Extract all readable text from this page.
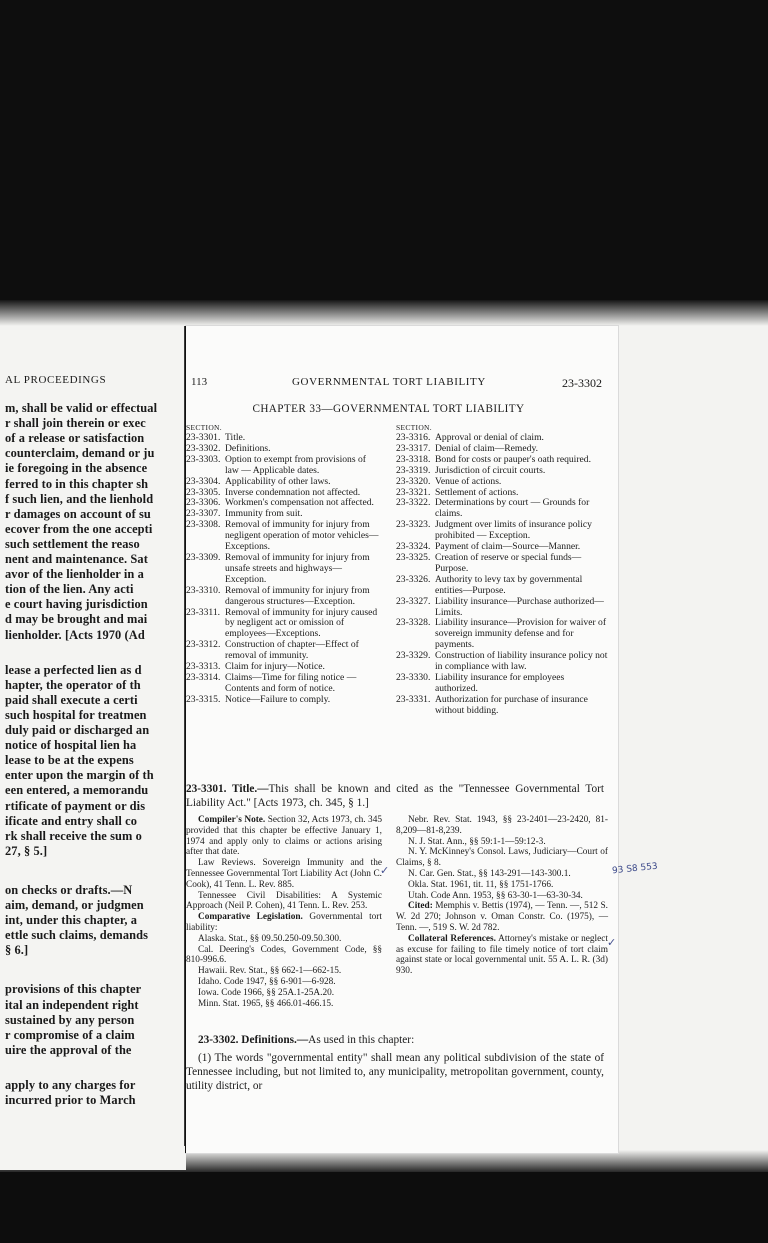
AL PROCEEDINGS
m, shall be valid or effectual
r shall join therein or exec
of a release or satisfaction
counterclaim, demand or ju
ie foregoing in the absence
ferred to in this chapter sh
f such lien, and the lienhold
r damages on account of su
ecover from the one accepti
such settlement the reaso
nent and maintenance. Sat
avor of the lienholder in a
tion of the lien. Any acti
e court having jurisdiction
d may be brought and mai
lienholder. [Acts 1970 (Ad
lease a perfected lien as d
hapter, the operator of th
paid shall execute a certi
such hospital for treatmen
duly paid or discharged an
notice of hospital lien ha
lease to be at the expens
enter upon the margin of th
een entered, a memorandu
rtificate of payment or dis
ificate and entry shall co
rk shall receive the sum o
27, § 5.]
on checks or drafts.—N
aim, demand, or judgmen
int, under this chapter, a
ettle such claims, demands
§ 6.]
provisions of this chapter
ital an independent right
sustained by any person
r compromise of a claim
uire the approval of the
apply to any charges for
incurred prior to March
113	GOVERNMENTAL TORT LIABILITY	23-3302
CHAPTER 33—GOVERNMENTAL TORT LIABILITY
SECTION.
23-3301. Title.
23-3302. Definitions.
23-3303. Option to exempt from provisions of law — Applicable dates.
23-3304. Applicability of other laws.
23-3305. Inverse condemnation not affected.
23-3306. Workmen's compensation not affected.
23-3307. Immunity from suit.
23-3308. Removal of immunity for injury from negligent operation of motor vehicles—Exceptions.
23-3309. Removal of immunity for injury from unsafe streets and highways—Exception.
23-3310. Removal of immunity for injury from dangerous structures—Exception.
23-3311. Removal of immunity for injury caused by negligent act or omission of employees—Exceptions.
23-3312. Construction of chapter—Effect of removal of immunity.
23-3313. Claim for injury—Notice.
23-3314. Claims—Time for filing notice —Contents and form of notice.
23-3315. Notice—Failure to comply.
SECTION.
23-3316. Approval or denial of claim.
23-3317. Denial of claim—Remedy.
23-3318. Bond for costs or pauper's oath required.
23-3319. Jurisdiction of circuit courts.
23-3320. Venue of actions.
23-3321. Settlement of actions.
23-3322. Determinations by court — Grounds for claims.
23-3323. Judgment over limits of insurance policy prohibited — Exception.
23-3324. Payment of claim—Source—Manner.
23-3325. Creation of reserve or special funds—Purpose.
23-3326. Authority to levy tax by governmental entities—Purpose.
23-3327. Liability insurance—Purchase authorized—Limits.
23-3328. Liability insurance—Provision for waiver of sovereign immunity defense and for payments.
23-3329. Construction of liability insurance policy not in compliance with law.
23-3330. Liability insurance for employees authorized.
23-3331. Authorization for purchase of insurance without bidding.
23-3301. Title.—This shall be known and cited as the "Tennessee Governmental Tort Liability Act." [Acts 1973, ch. 345, § 1.]

Compiler's Note. Section 32, Acts 1973, ch. 345 provided that this chapter be effective January 1, 1974 and apply only to claims or actions arising after that date.

Law Reviews. Sovereign Immunity and the Tennessee Governmental Tort Liability Act (John C. Cook), 41 Tenn. L. Rev. 885.

Tennessee Civil Disabilities: A Systemic Approach (Neil P. Cohen), 41 Tenn. L. Rev. 253.

Comparative Legislation. Governmental tort liability:

Alaska. Stat., §§ 09.50.250-09.50.300.

Cal. Deering's Codes, Government Code, §§ 810-996.6.

Hawaii. Rev. Stat., §§ 662-1—662-15.

Idaho. Code 1947, §§ 6-901—6-928.

Iowa. Code 1966, §§ 25A.1-25A.20.

Minn. Stat. 1965, §§ 466.01-466.15.

Nebr. Rev. Stat. 1943, §§ 23-2401—23-2420, 81-8,209—81-8,239.

N. J. Stat. Ann., §§ 59:1-1—59:12-3.

N. Y. McKinney's Consol. Laws, Judiciary—Court of Claims, § 8.

N. Car. Gen. Stat., §§ 143-291—143-300.1.

Okla. Stat. 1961, tit. 11, §§ 1751-1766.

Utah. Code Ann. 1953, §§ 63-30-1—63-30-34.

Cited: Memphis v. Bettis (1974), — Tenn. —, 512 S. W. 2d 270; Johnson v. Oman Constr. Co. (1975), — Tenn. —, 519 S. W. 2d 782.

Collateral References. Attorney's mistake or neglect as excuse for failing to file timely notice of tort claim against state or local governmental unit. 55 A. L. R. (3d) 930.

23-3302. Definitions.—As used in this chapter:
(1) The words "governmental entity" shall mean any political subdivision of the state of Tennessee including, but not limited to, any municipality, metropolitan government, county, utility district, or
93 S8 553
✓
✓
